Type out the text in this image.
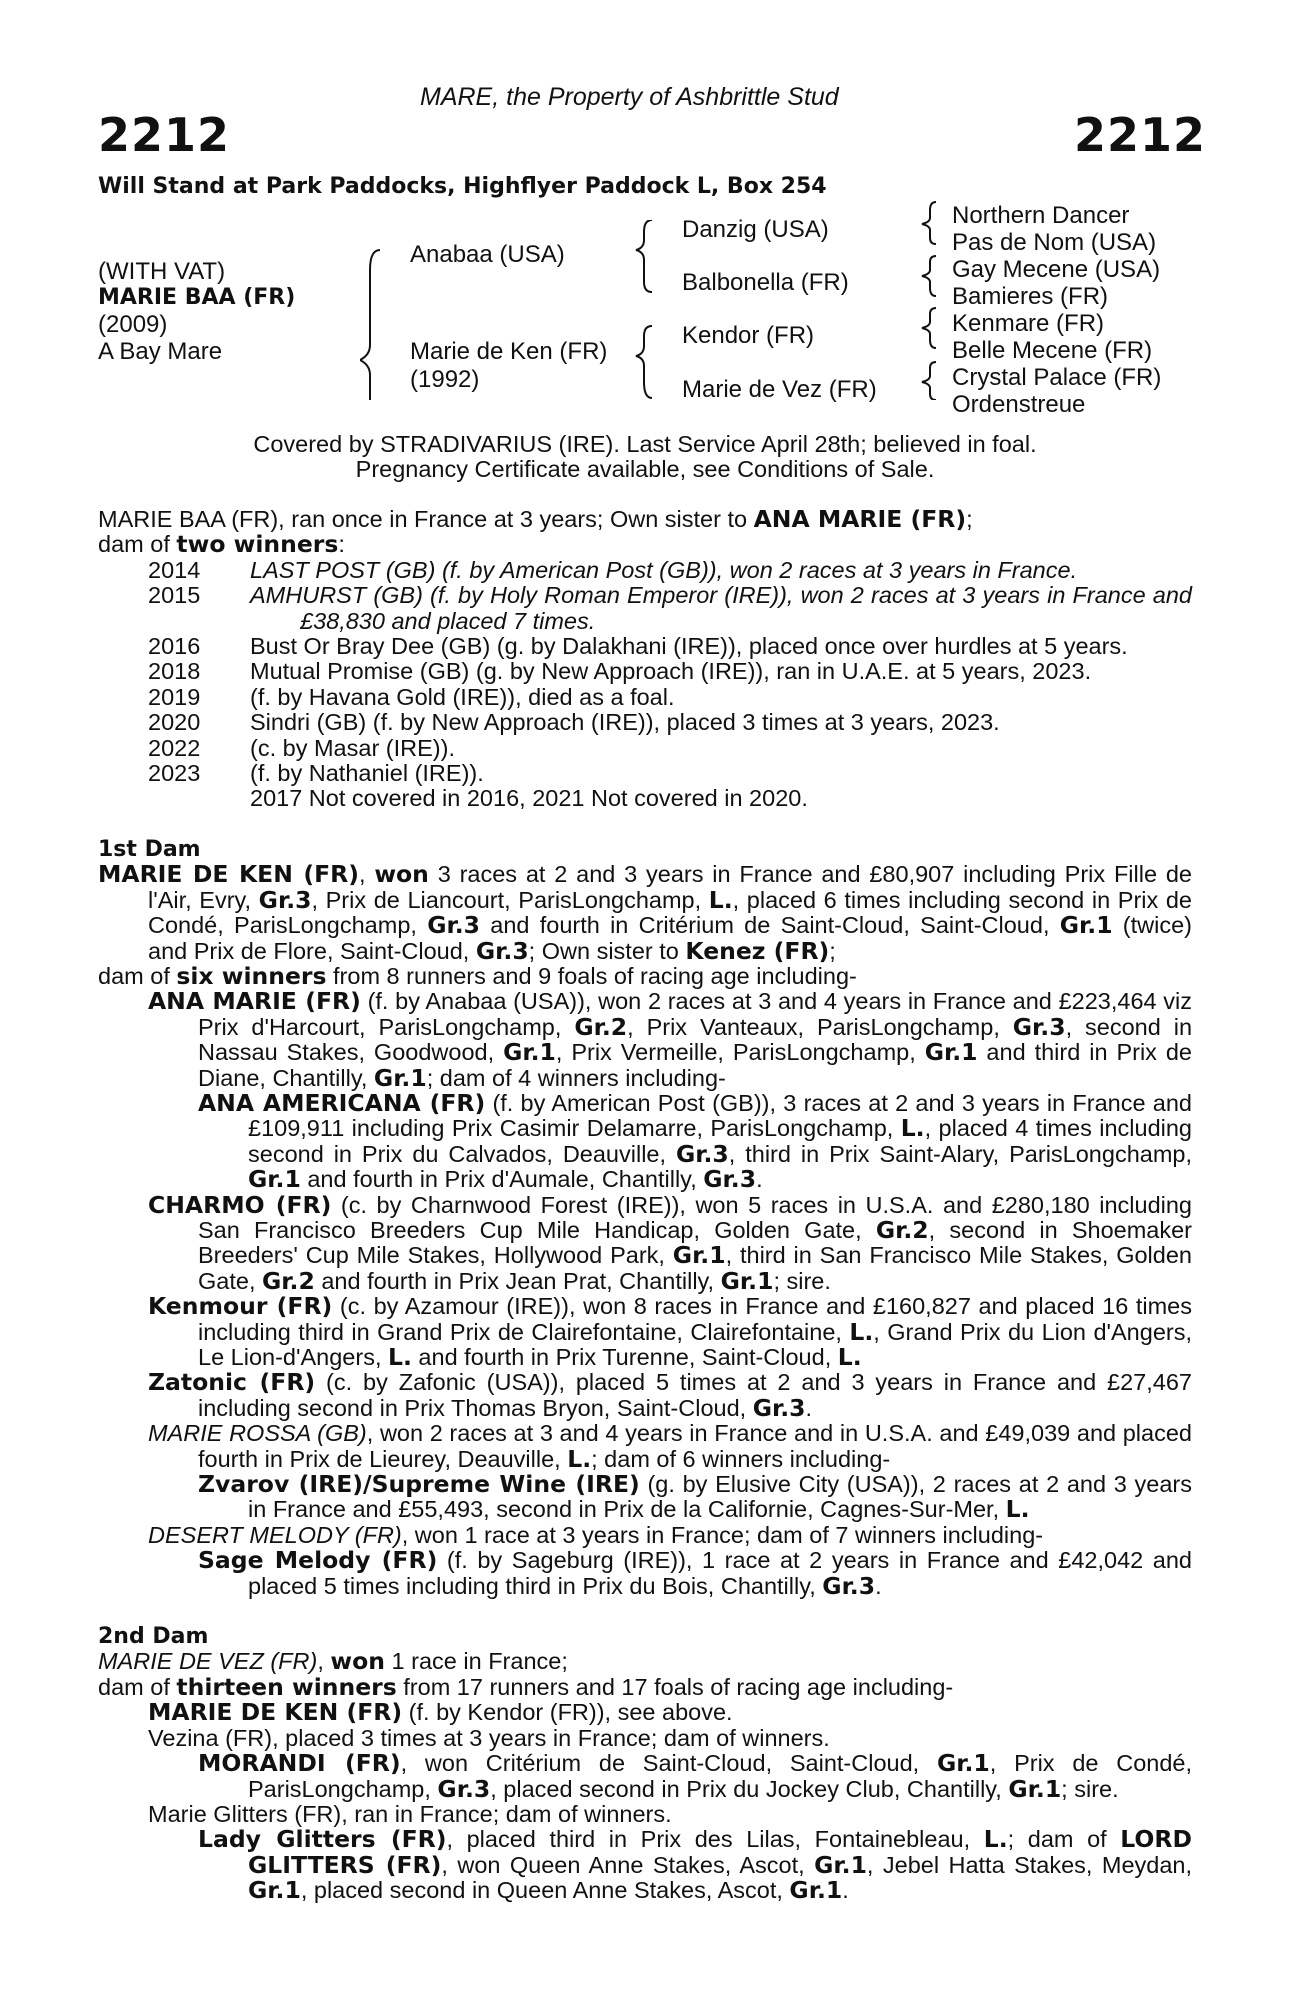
MARE, the Property of Ashbrittle Stud
2212	2212
Will Stand at Park Paddocks, Highflyer Paddock L, Box 254
(WITH VAT)
MARIE BAA (FR)
(2009)
A Bay Mare
Anabaa (USA)
Marie de Ken (FR)
(1992)
Danzig (USA)
Balbonella (FR)
Kendor (FR)
Marie de Vez (FR)
Northern Dancer
Pas de Nom (USA)
Gay Mecene (USA)
Bamieres (FR)
Kenmare (FR)
Belle Mecene (FR)
Crystal Palace (FR)
Ordenstreue
Covered by STRADIVARIUS (IRE). Last Service April 28th; believed in foal.
Pregnancy Certificate available, see Conditions of Sale.
MARIE BAA (FR), ran once in France at 3 years; Own sister to ANA MARIE (FR);
dam of two winners:
2014	LAST POST (GB) (f. by American Post (GB)), won 2 races at 3 years in France.
2015	AMHURST (GB) (f. by Holy Roman Emperor (IRE)), won 2 races at 3 years in France and £38,830 and placed 7 times.
2016	Bust Or Bray Dee (GB) (g. by Dalakhani (IRE)), placed once over hurdles at 5 years.
2018	Mutual Promise (GB) (g. by New Approach (IRE)), ran in U.A.E. at 5 years, 2023.
2019	(f. by Havana Gold (IRE)), died as a foal.
2020	Sindri (GB) (f. by New Approach (IRE)), placed 3 times at 3 years, 2023.
2022	(c. by Masar (IRE)).
2023	(f. by Nathaniel (IRE)).
2017 Not covered in 2016, 2021 Not covered in 2020.
1st Dam
MARIE DE KEN (FR), won 3 races at 2 and 3 years in France and £80,907 including Prix Fille de l'Air, Evry, Gr.3, Prix de Liancourt, ParisLongchamp, L., placed 6 times including second in Prix de Condé, ParisLongchamp, Gr.3 and fourth in Critérium de Saint-Cloud, Saint-Cloud, Gr.1 (twice) and Prix de Flore, Saint-Cloud, Gr.3; Own sister to Kenez (FR);
dam of six winners from 8 runners and 9 foals of racing age including-
ANA MARIE (FR) (f. by Anabaa (USA)), won 2 races at 3 and 4 years in France and £223,464 viz Prix d'Harcourt, ParisLongchamp, Gr.2, Prix Vanteaux, ParisLongchamp, Gr.3, second in Nassau Stakes, Goodwood, Gr.1, Prix Vermeille, ParisLongchamp, Gr.1 and third in Prix de Diane, Chantilly, Gr.1; dam of 4 winners including-
ANA AMERICANA (FR) (f. by American Post (GB)), 3 races at 2 and 3 years in France and £109,911 including Prix Casimir Delamarre, ParisLongchamp, L., placed 4 times including second in Prix du Calvados, Deauville, Gr.3, third in Prix Saint-Alary, ParisLongchamp, Gr.1 and fourth in Prix d'Aumale, Chantilly, Gr.3.
CHARMO (FR) (c. by Charnwood Forest (IRE)), won 5 races in U.S.A. and £280,180 including San Francisco Breeders Cup Mile Handicap, Golden Gate, Gr.2, second in Shoemaker Breeders' Cup Mile Stakes, Hollywood Park, Gr.1, third in San Francisco Mile Stakes, Golden Gate, Gr.2 and fourth in Prix Jean Prat, Chantilly, Gr.1; sire.
Kenmour (FR) (c. by Azamour (IRE)), won 8 races in France and £160,827 and placed 16 times including third in Grand Prix de Clairefontaine, Clairefontaine, L., Grand Prix du Lion d'Angers, Le Lion-d'Angers, L. and fourth in Prix Turenne, Saint-Cloud, L.
Zatonic (FR) (c. by Zafonic (USA)), placed 5 times at 2 and 3 years in France and £27,467 including second in Prix Thomas Bryon, Saint-Cloud, Gr.3.
MARIE ROSSA (GB), won 2 races at 3 and 4 years in France and in U.S.A. and £49,039 and placed fourth in Prix de Lieurey, Deauville, L.; dam of 6 winners including-
Zvarov (IRE)/Supreme Wine (IRE) (g. by Elusive City (USA)), 2 races at 2 and 3 years in France and £55,493, second in Prix de la Californie, Cagnes-Sur-Mer, L.
DESERT MELODY (FR), won 1 race at 3 years in France; dam of 7 winners including-
Sage Melody (FR) (f. by Sageburg (IRE)), 1 race at 2 years in France and £42,042 and placed 5 times including third in Prix du Bois, Chantilly, Gr.3.
2nd Dam
MARIE DE VEZ (FR), won 1 race in France;
dam of thirteen winners from 17 runners and 17 foals of racing age including-
MARIE DE KEN (FR) (f. by Kendor (FR)), see above.
Vezina (FR), placed 3 times at 3 years in France; dam of winners.
MORANDI (FR), won Critérium de Saint-Cloud, Saint-Cloud, Gr.1, Prix de Condé, ParisLongchamp, Gr.3, placed second in Prix du Jockey Club, Chantilly, Gr.1; sire.
Marie Glitters (FR), ran in France; dam of winners.
Lady Glitters (FR), placed third in Prix des Lilas, Fontainebleau, L.; dam of LORD GLITTERS (FR), won Queen Anne Stakes, Ascot, Gr.1, Jebel Hatta Stakes, Meydan, Gr.1, placed second in Queen Anne Stakes, Ascot, Gr.1.
